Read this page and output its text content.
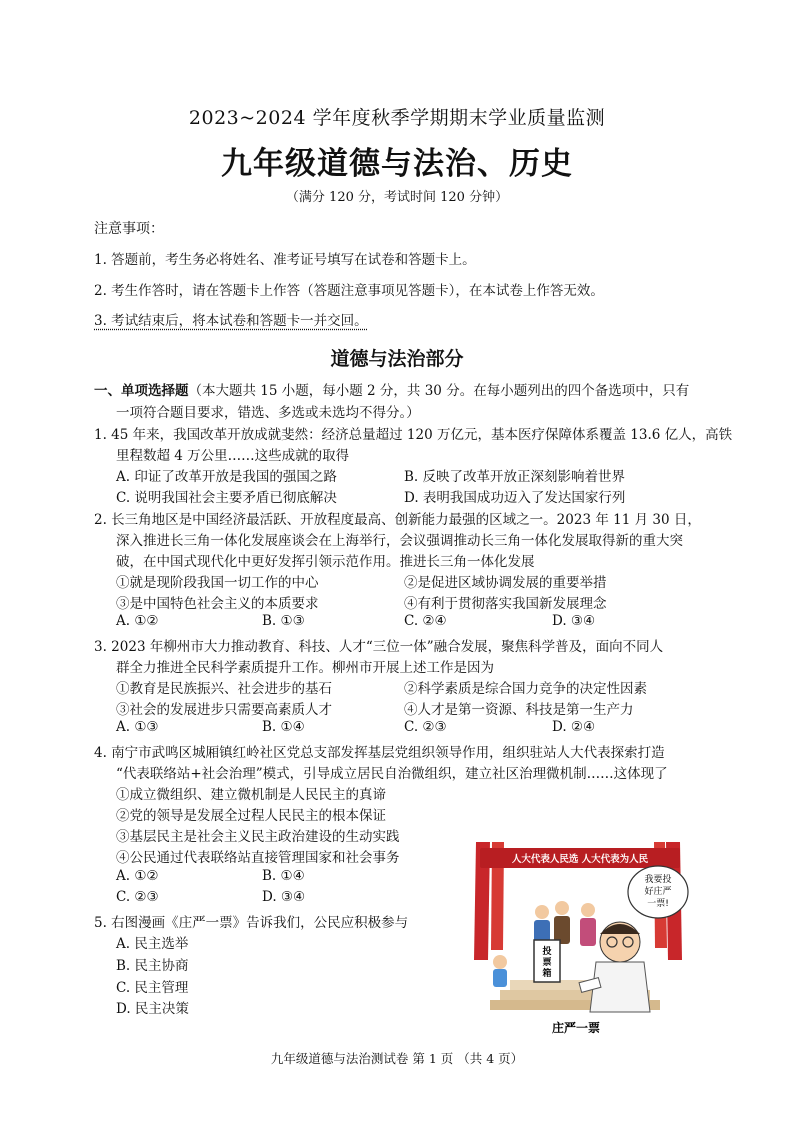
2023~2024 学年度秋季学期期末学业质量监测
九年级道德与法治、历史
（满分 120 分，考试时间 120 分钟）
注意事项：
1. 答题前，考生务必将姓名、准考证号填写在试卷和答题卡上。
2. 考生作答时，请在答题卡上作答（答题注意事项见答题卡），在本试卷上作答无效。
3. 考试结束后，将本试卷和答题卡一并交回。
道德与法治部分
一、单项选择题（本大题共 15 小题，每小题 2 分，共 30 分。在每小题列出的四个备选项中，只有
一项符合题目要求，错选、多选或未选均不得分。）
1. 45 年来，我国改革开放成就斐然：经济总量超过 120 万亿元，基本医疗保障体系覆盖 13.6 亿人，高铁
里程数超 4 万公里……这些成就的取得
A. 印证了改革开放是我国的强国之路	B. 反映了改革开放正深刻影响着世界
C. 说明我国社会主要矛盾已彻底解决	D. 表明我国成功迈入了发达国家行列
2. 长三角地区是中国经济最活跃、开放程度最高、创新能力最强的区域之一。2023 年 11 月 30 日，
深入推进长三角一体化发展座谈会在上海举行，会议强调推动长三角一体化发展取得新的重大突
破，在中国式现代化中更好发挥引领示范作用。推进长三角一体化发展
①就是现阶段我国一切工作的中心	②是促进区域协调发展的重要举措
③是中国特色社会主义的本质要求	④有利于贯彻落实我国新发展理念
A. ①②	B. ①③	C. ②④	D. ③④
3. 2023 年柳州市大力推动教育、科技、人才“三位一体”融合发展，聚焦科学普及，面向不同人
群全力推进全民科学素质提升工作。柳州市开展上述工作是因为
①教育是民族振兴、社会进步的基石	②科学素质是综合国力竞争的决定性因素
③社会的发展进步只需要高素质人才	④人才是第一资源、科技是第一生产力
A. ①③	B. ①④	C. ②③	D. ②④
4. 南宁市武鸣区城厢镇红岭社区党总支部发挥基层党组织领导作用，组织驻站人大代表探索打造
“代表联络站+社会治理”模式，引导成立居民自治微组织，建立社区治理微机制……这体现了
①成立微组织、建立微机制是人民民主的真谛
②党的领导是发展全过程人民民主的根本保证
③基层民主是社会主义民主政治建设的生动实践
④公民通过代表联络站直接管理国家和社会事务
A. ①②	B. ①④
C. ②③	D. ③④
5. 右图漫画《庄严一票》告诉我们，公民应积极参与
A. 民主选举
B. 民主协商
C. 民主管理
D. 民主决策
人大代表人民选 人大代表为人民
投
票
箱
我要投
好庄严
一票!
庄严一票
九年级道德与法治测试卷 第 1 页 （共 4 页）
